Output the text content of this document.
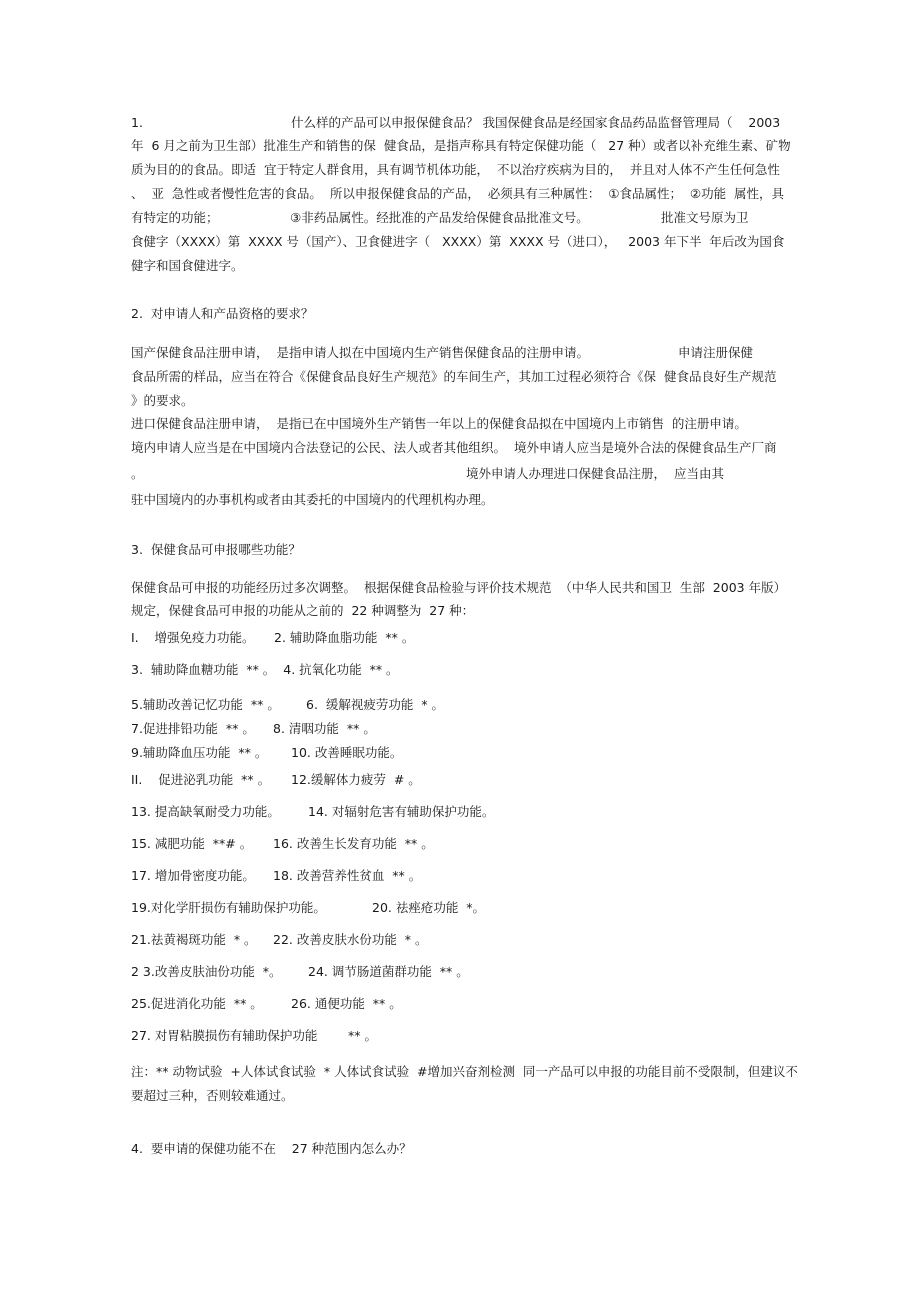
1.	什么样的产品可以申报保健食品？ 我国保健食品是经国家食品药品监督管理局（    2003
年  6 月之前为卫生部）批准生产和销售的保  健食品，是指声称具有特定保健功能（   27 种）或者以补充维生素、矿物
质为目的的食品。即适  宜于特定人群食用，具有调节机体功能，  不以治疗疾病为目的，  并且对人体不产生任何急性
、  亚  急性或者慢性危害的食品。  所以申报保健食品的产品，  必须具有三种属性：  ①食品属性；  ②功能  属性，具
有特定的功能；	③非药品属性。经批准的产品发给保健食品批准文号。	批准文号原为卫
食健字（XXXX）第  XXXX 号（国产）、卫食健进字（   XXXX）第  XXXX 号（进口），   2003 年下半  年后改为国食
健字和国食健进字。
2.  对申请人和产品资格的要求？
国产保健食品注册申请，  是指申请人拟在中国境内生产销售保健食品的注册申请。	申请注册保健
食品所需的样品，应当在符合《保健食品良好生产规范》的车间生产，其加工过程必须符合《保  健食品良好生产规范
》的要求。
进口保健食品注册申请，  是指已在中国境外生产销售一年以上的保健食品拟在中国境内上市销售  的注册申请。
境内申请人应当是在中国境内合法登记的公民、法人或者其他组织。  境外申请人应当是境外合法的保健食品生产厂商
。	境外申请人办理进口保健食品注册，  应当由其
驻中国境内的办事机构或者由其委托的中国境内的代理机构办理。
3.  保健食品可申报哪些功能？
保健食品可申报的功能经历过多次调整。  根据保健食品检验与评价技术规范  （中华人民共和国卫  生部  2003 年版）
规定，保健食品可申报的功能从之前的  22 种调整为  27 种：
I.    增强免疫力功能。 2. 辅助降血脂功能  ** 。
3.  辅助降血糖功能  ** 。  4. 抗氧化功能  ** 。
5.辅助改善记忆功能  ** 。 6.  缓解视疲劳功能  * 。
7.促进排铅功能  ** 。 8. 清咽功能  ** 。
9.辅助降血压功能  ** 。 10. 改善睡眠功能。
II.    促进泌乳功能  ** 。 12.缓解体力疲劳  # 。
13. 提高缺氧耐受力功能。 14. 对辐射危害有辅助保护功能。
15. 减肥功能  **# 。 16. 改善生长发育功能  ** 。
17. 增加骨密度功能。 18. 改善营养性贫血  ** 。
19.对化学肝损伤有辅助保护功能。	20. 祛痤疮功能  *。
21.祛黄褐斑功能  * 。 22. 改善皮肤水份功能  * 。
2 3.改善皮肤油份功能  *。 24. 调节肠道菌群功能  ** 。
25.促进消化功能  ** 。 26. 通便功能  ** 。
27. 对胃粘膜损伤有辅助保护功能 ** 。
注：** 动物试验  +人体试食试验  * 人体试食试验  #增加兴奋剂检测  同一产品可以申报的功能目前不受限制，但建议不
要超过三种，否则较难通过。
4.  要申请的保健功能不在    27 种范围内怎么办？
